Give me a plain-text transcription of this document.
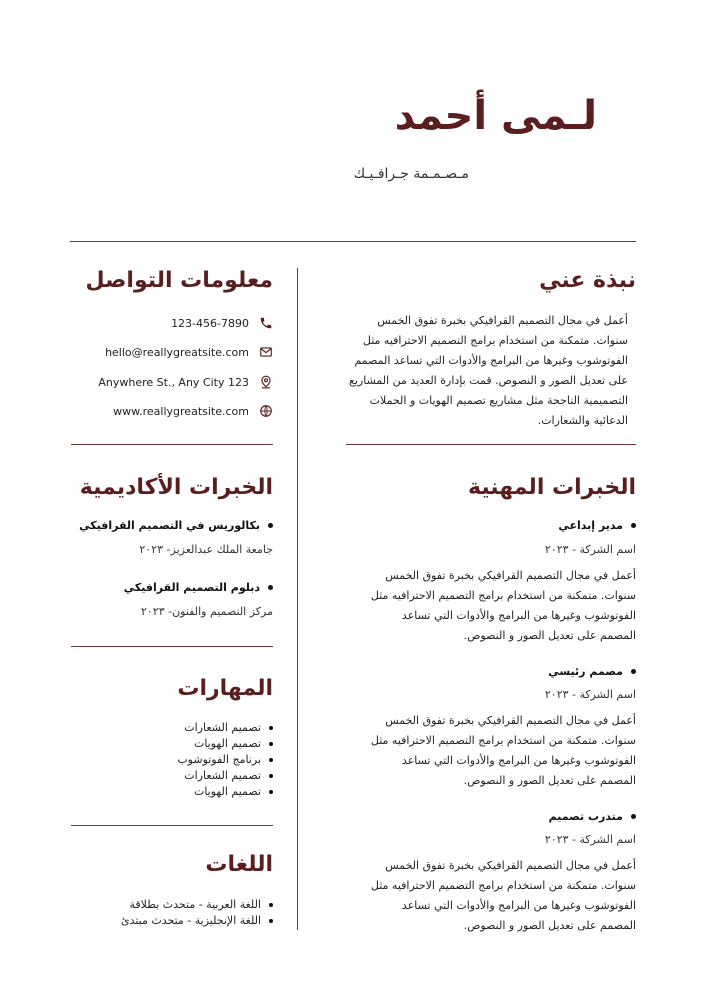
لـمى أحمد
مـصـمـمة جـرافـيـك
نبذة عني
أعمل في مجال التصميم القرافيكي بخبرة تفوق الخمس سنوات. متمكنة من استخدام برامج التصميم الاحترافيه مثل الفوتوشوب وغيرها من البرامج والأدوات التي تساعد المصمم على تعديل الصور و النصوص. قمت بإدارة العديد من المشاريع التصميمية الناجحة مثل مشاريع تصميم الهويات و الحملات الدعائية والشعارات.
معلومات التواصل
123-456-7890
hello@reallygreatsite.com
Anywhere St., Any City 123
www.reallygreatsite.com
الخبرات المهنية
مدير إبداعي
اسم الشركة - ٢٠٢٣
أعمل في مجال التصميم القرافيكي بخبرة تفوق الخمس سنوات. متمكنة من استخدام برامج التصميم الاحترافيه مثل الفوتوشوب وغيرها من البرامج والأدوات التي تساعد المصمم على تعديل الصور و النصوص.
مصمم رئيسي
اسم الشركة - ٢٠٢٣
أعمل في مجال التصميم القرافيكي بخبرة تفوق الخمس سنوات. متمكنة من استخدام برامج التصميم الاحترافيه مثل الفوتوشوب وغيرها من البرامج والأدوات التي تساعد المصمم على تعديل الصور و النصوص.
متدرب تصميم
اسم الشركة - ٢٠٢٣
أعمل في مجال التصميم القرافيكي بخبرة تفوق الخمس سنوات. متمكنة من استخدام برامج التصميم الاحترافيه مثل الفوتوشوب وغيرها من البرامج والأدوات التي تساعد المصمم على تعديل الصور و النصوص.
الخبرات الأكاديمية
بكالوريس في التصميم القرافيكي
جامعة الملك عبدالعزيز- ٢٠٢٣
دبلوم التصميم القرافيكي
مركز التصميم والفنون- ٢٠٢٣
المهارات
تصميم الشعارات
تصميم الهويات
برنامج الفوتوشوب
تصميم الشعارات
تصميم الهويات
اللغات
اللغة العربية - متحدث بطلاقة
اللغة الإنجليزية - متحدث مبتدئ
